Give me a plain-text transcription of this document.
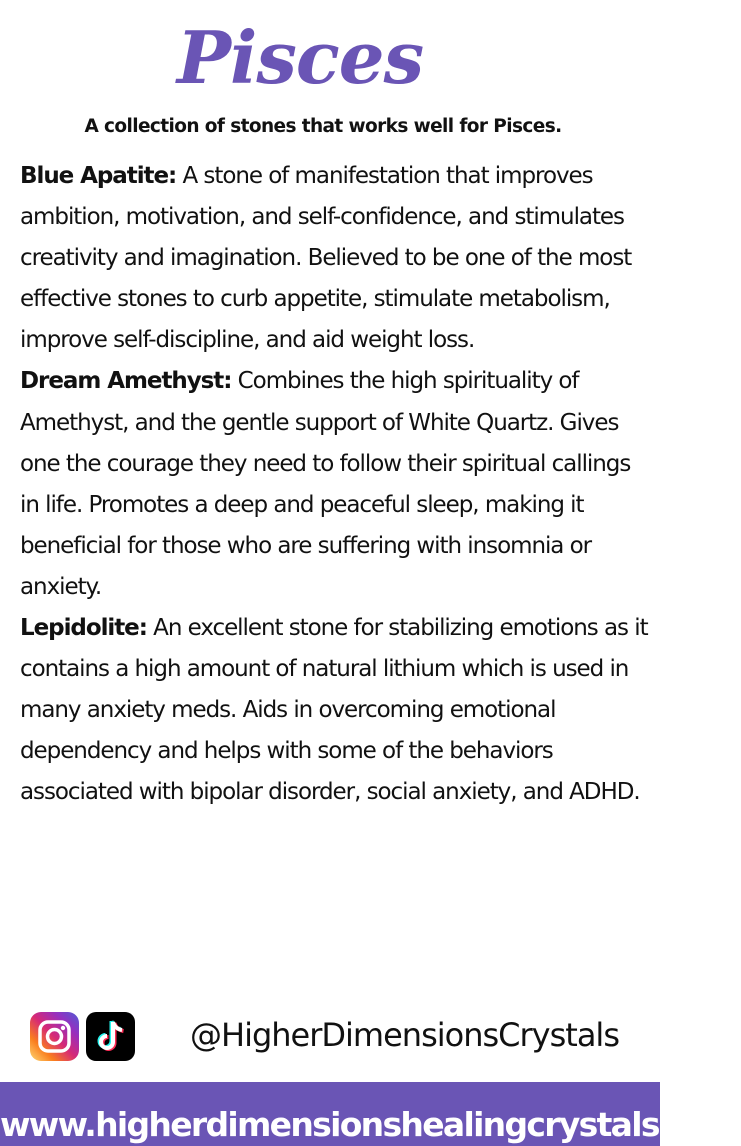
Pisces
A collection of stones that works well for Pisces.

Blue Apatite: A stone of manifestation that improves ambition, motivation, and self-confidence, and stimulates creativity and imagination. Believed to be one of the most effective stones to curb appetite, stimulate metabolism, improve self-discipline, and aid weight loss.

Dream Amethyst: Combines the high spirituality of Amethyst, and the gentle support of White Quartz. Gives one the courage they need to follow their spiritual callings in life. Promotes a deep and peaceful sleep, making it beneficial for those who are suffering with insomnia or anxiety.

Lepidolite: An excellent stone for stabilizing emotions as it contains a high amount of natural lithium which is used in many anxiety meds. Aids in overcoming emotional dependency and helps with some of the behaviors associated with bipolar disorder, social anxiety, and ADHD.

@HigherDimensionsCrystals
www.higherdimensionshealingcrystals.com
